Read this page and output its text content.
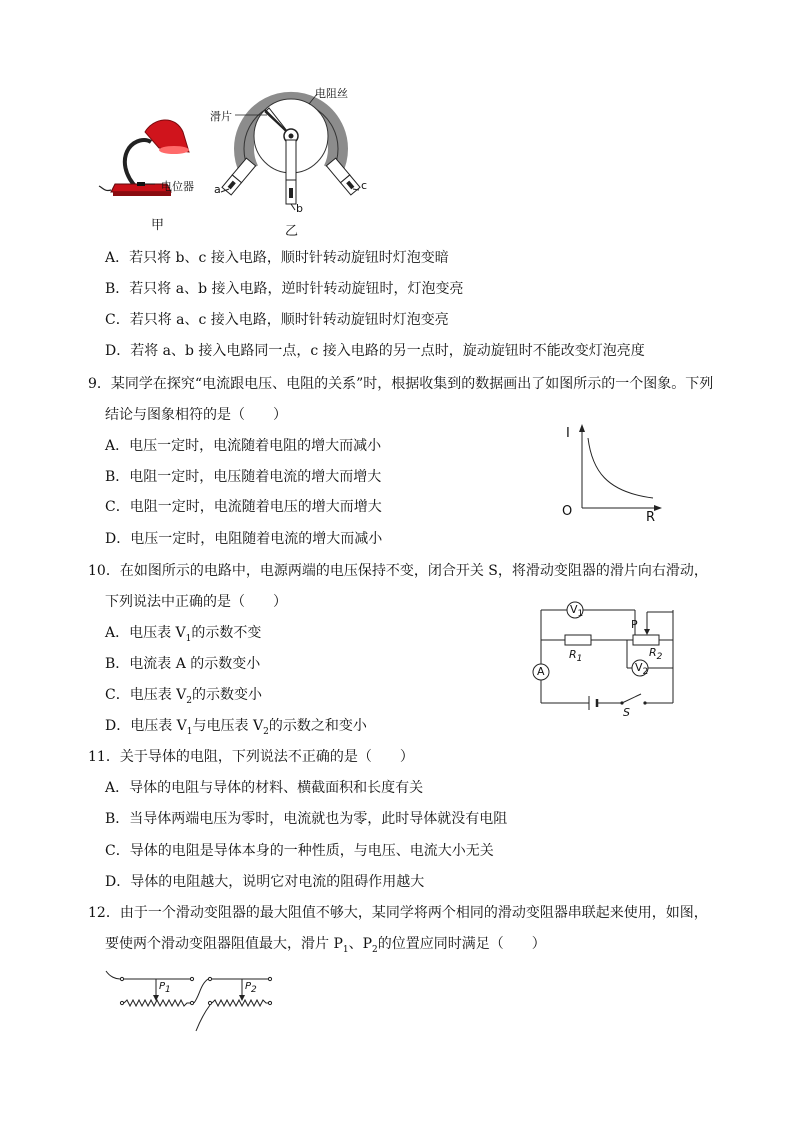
电位器
甲
滑片
电阻丝
a
b
c
乙
A．若只将 b、c 接入电路，顺时针转动旋钮时灯泡变暗
B．若只将 a、b 接入电路，逆时针转动旋钮时，灯泡变亮
C．若只将 a、c 接入电路，顺时针转动旋钮时灯泡变亮
D．若将 a、b 接入电路同一点，c 接入电路的另一点时，旋动旋钮时不能改变灯泡亮度
9．某同学在探究“电流跟电压、电阻的关系”时，根据收集到的数据画出了如图所示的一个图象。下列
结论与图象相符的是（　　）
A．电压一定时，电流随着电阻的增大而减小
B．电阻一定时，电压随着电流的增大而增大
C．电阻一定时，电流随着电压的增大而增大
D．电压一定时，电阻随着电流的增大而减小
I
O	R
10．在如图所示的电路中，电源两端的电压保持不变，闭合开关 S，将滑动变阻器的滑片向右滑动，
下列说法中正确的是（　　）
A．电压表 $V_1$的示数不变
B．电流表 A 的示数变小
C．电压表 $V_2$的示数变小
D．电压表 $V_1$与电压表 $V_2$的示数之和变小
$V_1$
$V_2$
A
$R_1$
$R_2$
P
S
11．关于导体的电阻，下列说法不正确的是（　　）
A．导体的电阻与导体的材料、横截面积和长度有关
B．当导体两端电压为零时，电流就也为零，此时导体就没有电阻
C．导体的电阻是导体本身的一种性质，与电压、电流大小无关
D．导体的电阻越大，说明它对电流的阻碍作用越大
12．由于一个滑动变阻器的最大阻值不够大，某同学将两个相同的滑动变阻器串联起来使用，如图，
要使两个滑动变阻器阻值最大，滑片 $P_1$、$P_2$的位置应同时满足（　　）
$P_1$	$P_2$
